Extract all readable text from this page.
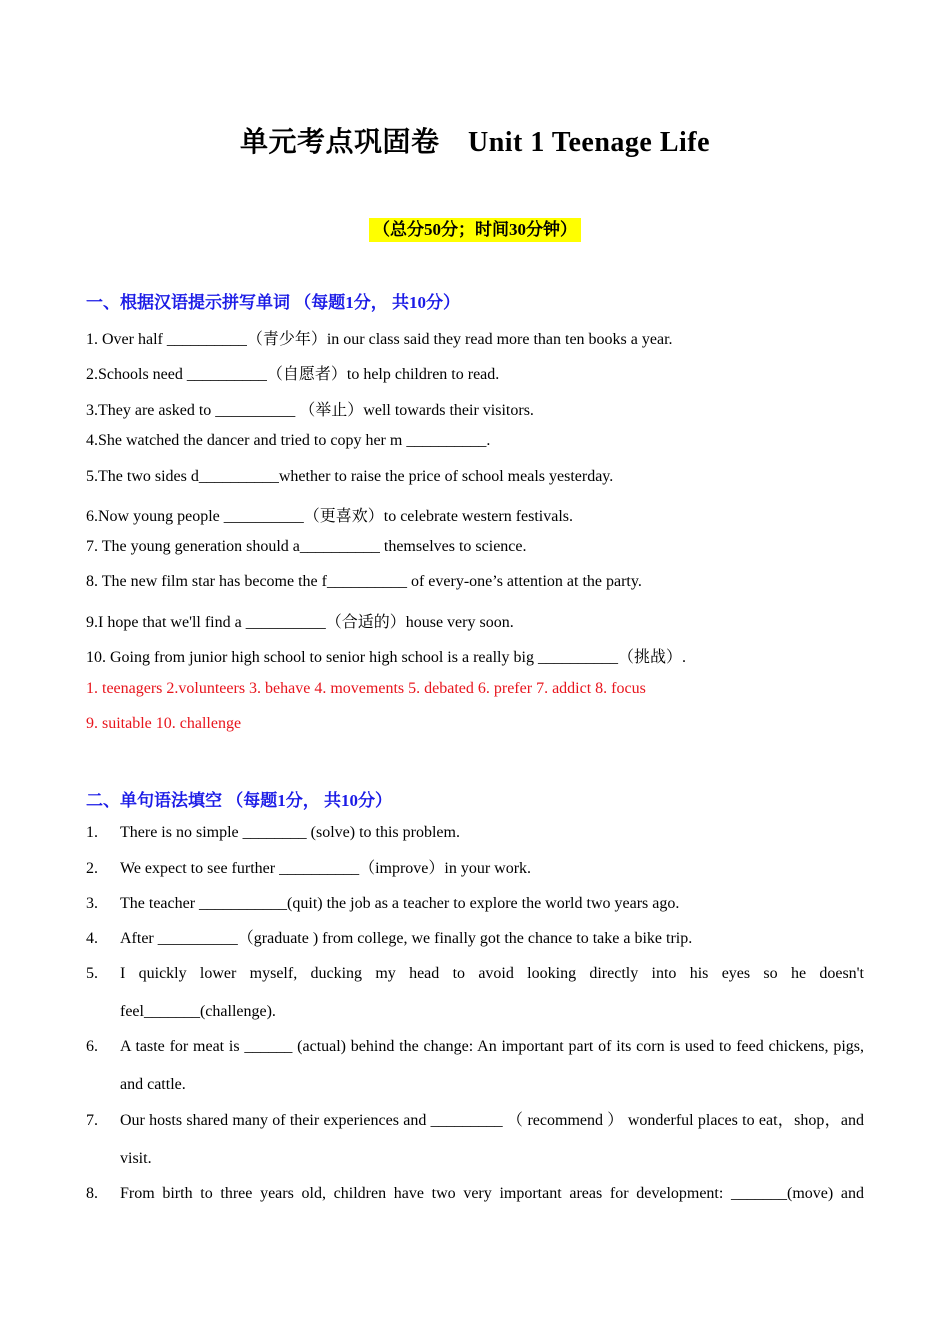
单元考点巩固卷　Unit 1 Teenage Life
（总分50分；时间30分钟）
一、根据汉语提示拼写单词 （每题1分， 共10分）
1. Over half __________（青少年）in our class said they read more than ten books a year.
2.Schools need __________（自愿者）to help children to read.
3.They are asked to __________ （举止）well towards their visitors.
4.She watched the dancer and tried to copy her m __________.
5.The two sides d__________whether to raise the price of school meals yesterday.
6.Now young people __________（更喜欢）to celebrate western festivals.
7. The young generation should a__________ themselves to science.
8. The new film star has become the f__________ of every-one’s attention at the party.
9.I hope that we'll find a __________（合适的）house very soon.
10. Going from junior high school to senior high school is a really big __________（挑战）.
1. teenagers 2.volunteers 3. behave 4. movements 5. debated 6. prefer 7. addict 8. focus
9. suitable 10. challenge
二、单句语法填空 （每题1分， 共10分）
1.	There is no simple ________ (solve) to this problem.
2.	We expect to see further __________（improve）in your work.
3.	The teacher ___________(quit) the job as a teacher to explore the world two years ago.
4.	After __________（graduate ) from college, we finally got the chance to take a bike trip.
5.	I quickly lower myself, ducking my head to avoid looking directly into his eyes so he doesn't feel_______(challenge).
6.	A taste for meat is ______ (actual) behind the change: An important part of its corn is used to feed chickens, pigs, and cattle.
7.	Our hosts shared many of their experiences and _________ （ recommend ） wonderful places to eat，shop，and visit.
8.	From birth to three years old, children have two very important areas for development: _______(move) and
